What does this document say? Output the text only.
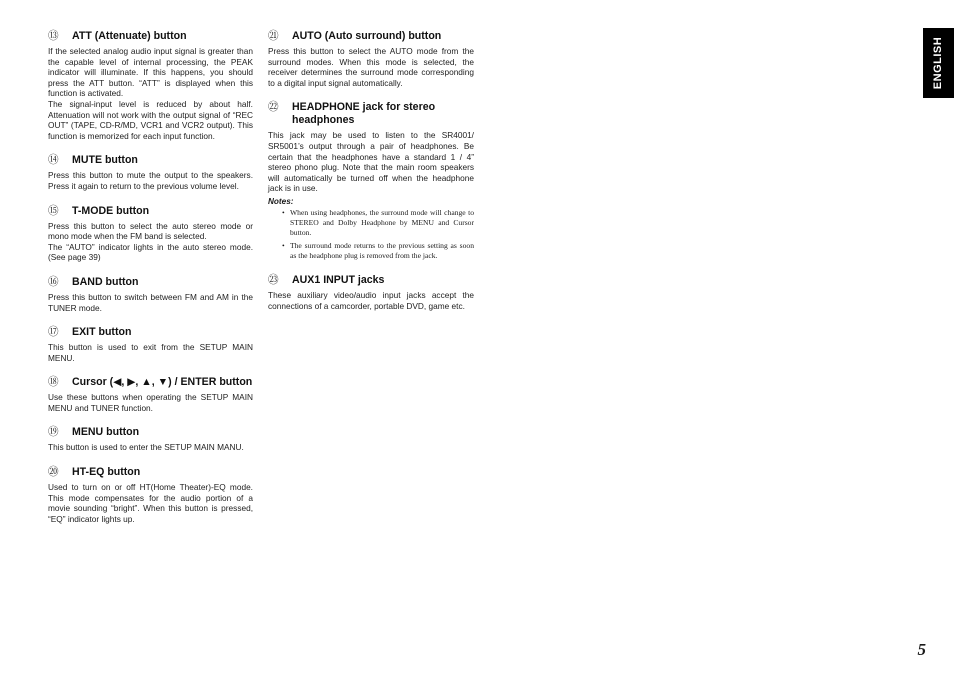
⑬	ATT (Attenuate) button

If the selected analog audio input signal is greater than the capable level of internal processing, the PEAK indicator will illuminate. If this happens, you should press the ATT button. “ATT” is displayed when this function is activated.

The signal-input level is reduced by about half. Attenuation will not work with the output signal of “REC OUT” (TAPE, CD-R/MD, VCR1 and VCR2 output). This function is memorized for each input function.

⑭	MUTE button

Press this button to mute the output to the speakers. Press it again to return to the previous volume level.

⑮	T-MODE button

Press this button to select the auto stereo mode or mono mode when the FM band is selected.

The “AUTO” indicator lights in the auto stereo mode. (See page 39)

⑯	BAND button

Press this button to switch between FM and AM in the TUNER mode.

⑰	EXIT button

This button is used to exit from the SETUP MAIN MENU.

⑱	Cursor (◀, ▶, ▲, ▼) / ENTER button

Use these buttons when operating the SETUP MAIN MENU and TUNER function.

⑲	MENU button

This button is used to enter the SETUP MAIN MANU.

⑳	HT-EQ button

Used to turn on or off HT(Home Theater)-EQ mode. This mode compensates for the audio portion of a movie sounding “bright”. When this button is pressed, “EQ” indicator lights up.

㉑	AUTO (Auto surround) button

Press this button to select the AUTO mode from the surround modes. When this mode is selected, the receiver determines the surround mode corresponding to a digital input signal automatically.

㉒	HEADPHONE jack for stereo headphones

This jack may be used to listen to the SR4001/ SR5001’s output through a pair of headphones. Be certain that the headphones have a standard 1 / 4” stereo phono plug. Note that the main room speakers will automatically be turned off when the headphone jack is in use.

Notes:
• When using headphones, the surround mode will change to STEREO and Dolby Headphone by MENU and Cursor button.
• The surround mode returns to the previous setting as soon as the headphone plug is removed from the jack.
㉓	AUX1 INPUT jacks

These auxiliary video/audio input jacks accept the connections of a camcorder, portable DVD, game etc.

ENGLISH
5
